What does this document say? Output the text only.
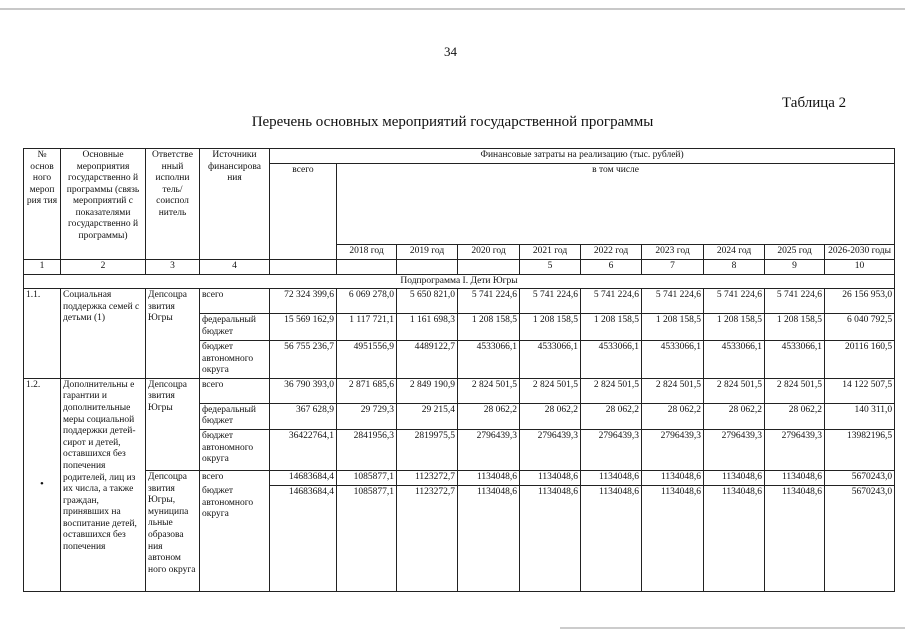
34
Таблица 2
Перечень основных мероприятий государственной программы
№ основ ного мероп рия тия	Основные мероприятия государственно й программы (связь мероприятий с показателями государственно й программы)	Ответстве нный исполни тель/ соиспол нитель	Источники финансирова ния	Финансовые затраты на реализацию (тыс. рублей)									
				всего	в том числе								
					2018 год	2019 год	2020 год	2021 год	2022 год	2023 год	2024 год	2025 год	2026-2030 годы
1	2	3	4					5	6	7	8	9	10
Подпрограмма I. Дети Югры													
1.1.	Социальная поддержка семей с детьми (1)	Депсоцра звития Югры	всего	72 324 399,6	6 069 278,0	5 650 821,0	5 741 224,6	5 741 224,6	5 741 224,6	5 741 224,6	5 741 224,6	5 741 224,6	26 156 953,0
			федеральный бюджет	15 569 162,9	1 117 721,1	1 161 698,3	1 208 158,5	1 208 158,5	1 208 158,5	1 208 158,5	1 208 158,5	1 208 158,5	6 040 792,5
			бюджет автономного округа	56 755 236,7	4951556,9	4489122,7	4533066,1	4533066,1	4533066,1	4533066,1	4533066,1	4533066,1	20116 160,5
1.2.	Дополнительны е гарантии и дополнительные меры социальной поддержки детей-сирот и детей, оставшихся без попечения родителей, лиц из их числа, а также граждан, принявших на воспитание детей, оставшихся без попечения	Депсоцра звития Югры	всего	36 790 393,0	2 871 685,6	2 849 190,9	2 824 501,5	2 824 501,5	2 824 501,5	2 824 501,5	2 824 501,5	2 824 501,5	14 122 507,5
			федеральный бюджет	367 628,9	29 729,3	29 215,4	28 062,2	28 062,2	28 062,2	28 062,2	28 062,2	28 062,2	140 311,0
			бюджет автономного округа	36422764,1	2841956,3	2819975,5	2796439,3	2796439,3	2796439,3	2796439,3	2796439,3	2796439,3	13982196,5
		Депсоцра звития Югры, муниципа льные образова ния автоном ного округа	всего	14683684,4	1085877,1	1123272,7	1134048,6	1134048,6	1134048,6	1134048,6	1134048,6	1134048,6	5670243,0
			бюджет автономного округа	14683684,4	1085877,1	1123272,7	1134048,6	1134048,6	1134048,6	1134048,6	1134048,6	1134048,6	5670243,0
•
